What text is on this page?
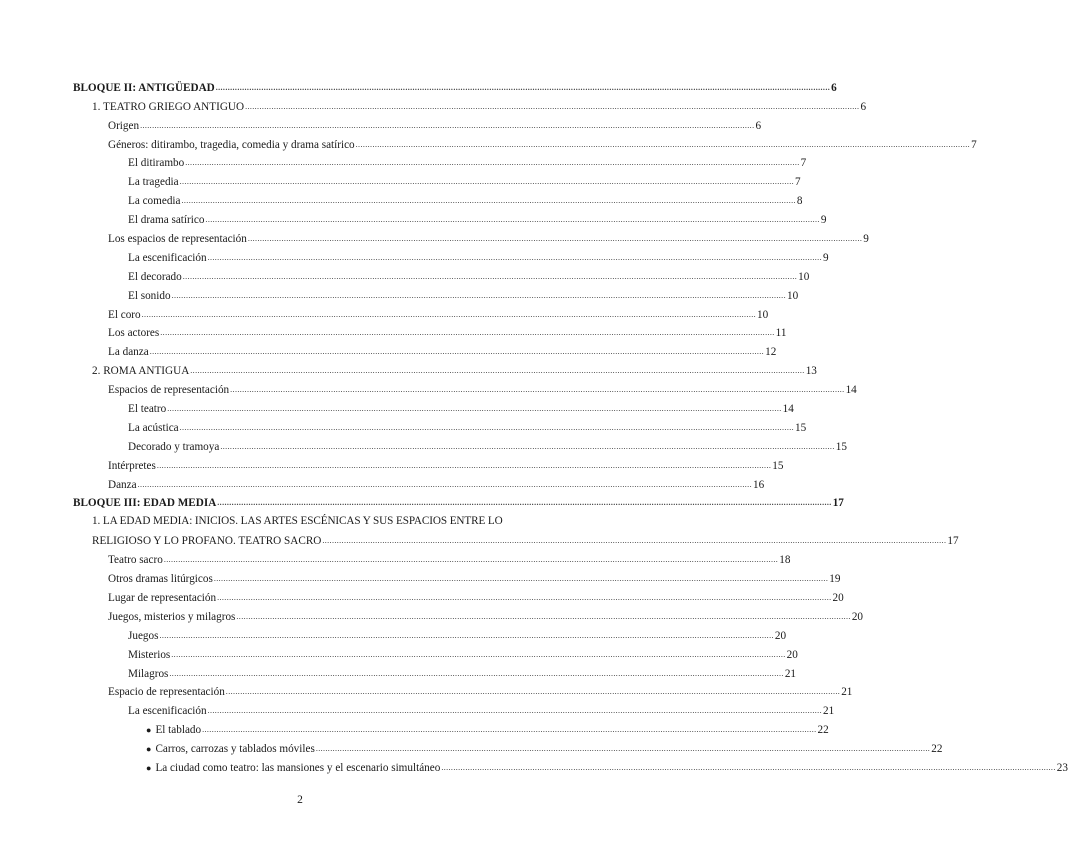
BLOQUE II: ANTIGÜEDAD .....	6
1. TEATRO GRIEGO ANTIGUO .....	6
Origen .....	6
Géneros: ditirambo, tragedia, comedia y drama satírico .....	7
El ditirambo .....	7
La tragedia .....	7
La comedia .....	8
El drama satírico .....	9
Los espacios de representación .....	9
La escenificación .....	9
El decorado .....	10
El sonido .....	10
El coro .....	10
Los actores .....	11
La danza .....	12
2. ROMA ANTIGUA .....	13
Espacios de representación .....	14
El teatro .....	14
La acústica .....	15
Decorado y tramoya .....	15
Intérpretes .....	15
Danza .....	16
BLOQUE III: EDAD MEDIA .....	17
1. LA EDAD MEDIA: INICIOS. LAS ARTES ESCÉNICAS Y SUS ESPACIOS ENTRE LO
RELIGIOSO Y LO PROFANO. TEATRO SACRO .................................................................................................................................................................................................................................................................... 17
Teatro sacro .....	18
Otros dramas litúrgicos .....	19
Lugar de representación .....	20
Juegos, misterios y milagros .....	20
Juegos .....	20
Misterios .....	20
Milagros .....	21
Espacio de representación .....	21
La escenificación .....	21
● El tablado .....	22
● Carros, carrozas y tablados móviles .....	22
● La ciudad como teatro: las mansiones y el escenario simultáneo .....	23
2
